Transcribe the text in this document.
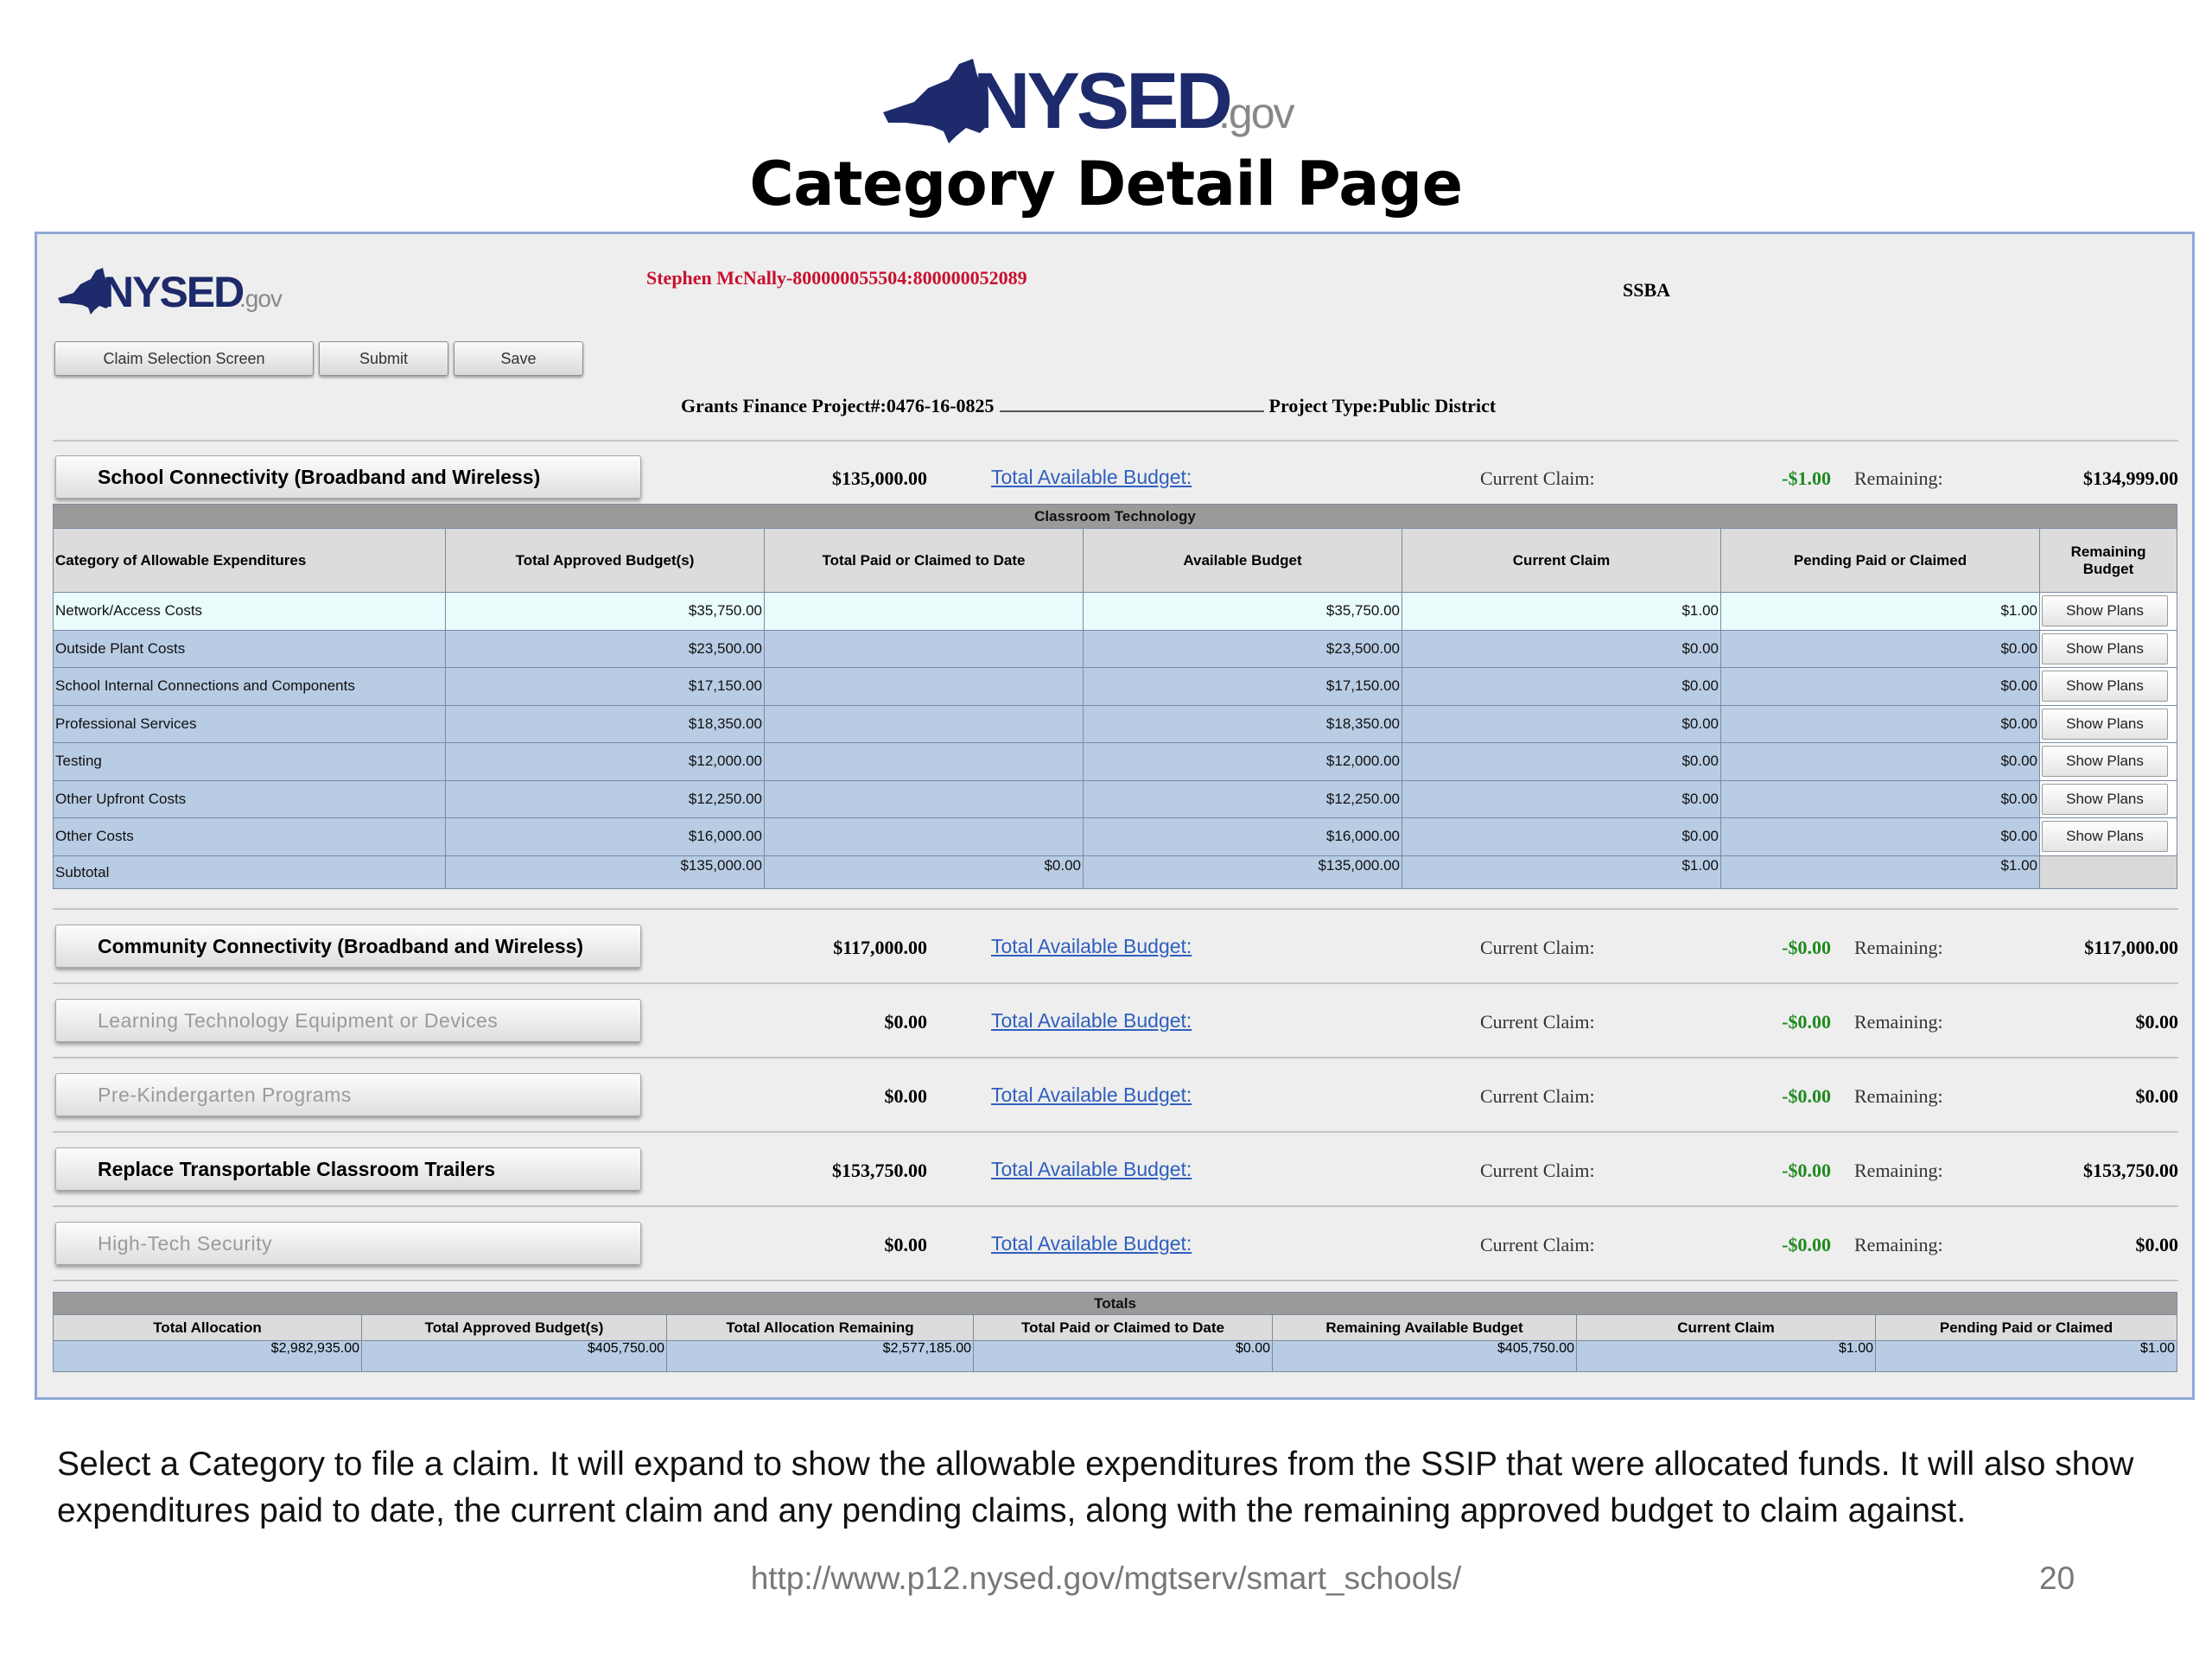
NYSED
.gov
Category Detail Page
NYSED
.gov
Stephen McNally-800000055504:800000052089
SSBA
Claim Selection Screen	Submit	Save
Grants Finance Project#:0476-16-0825	Project Type:Public District
School Connectivity (Broadband and Wireless)	Total Available Budget:
$135,000.00	Current Claim:	-$1.00 Remaining:	$134,999.00
Classroom Technology						
Category of Allowable Expenditures	Total Approved Budget(s)	Total Paid or Claimed to Date	Available Budget	Current Claim	Pending Paid or Claimed	Remaining Budget
Network/Access Costs	$35,750.00		$35,750.00	$1.00	$1.00	Show Plans

Outside Plant Costs	$23,500.00		$23,500.00	$0.00	$0.00	Show Plans

School Internal Connections and Components	$17,150.00		$17,150.00	$0.00	$0.00	Show Plans

Professional Services	$18,350.00		$18,350.00	$0.00	$0.00	Show Plans

Testing	$12,000.00		$12,000.00	$0.00	$0.00	Show Plans

Other Upfront Costs	$12,250.00		$12,250.00	$0.00	$0.00	Show Plans

Other Costs	$16,000.00		$16,000.00	$0.00	$0.00	Show Plans

Subtotal	$135,000.00	$0.00	$135,000.00	$1.00	$1.00	
Community Connectivity (Broadband and Wireless)	Total Available Budget:
$117,000.00	Current Claim:	-$0.00 Remaining:	$117,000.00
Learning Technology Equipment or Devices	Total Available Budget:
$0.00	Current Claim:	-$0.00 Remaining:	$0.00
Pre-Kindergarten Programs	Total Available Budget:
$0.00	Current Claim:	-$0.00 Remaining:	$0.00
Replace Transportable Classroom Trailers	Total Available Budget:
$153,750.00	Current Claim:	-$0.00 Remaining:	$153,750.00
High-Tech Security	Total Available Budget:
$0.00	Current Claim:	-$0.00 Remaining:	$0.00
Totals						
Total Allocation	Total Approved Budget(s)	Total Allocation Remaining	Total Paid or Claimed to Date	Remaining Available Budget	Current Claim	Pending Paid or Claimed
$2,982,935.00	$405,750.00	$2,577,185.00	$0.00	$405,750.00	$1.00	$1.00
Select a Category to file a claim. It will expand to show the allowable expenditures from the SSIP that were allocated funds. It will also show expenditures paid to date, the current claim and any pending claims, along with the remaining approved budget to claim against.
http://www.p12.nysed.gov/mgtserv/smart_schools/	20
